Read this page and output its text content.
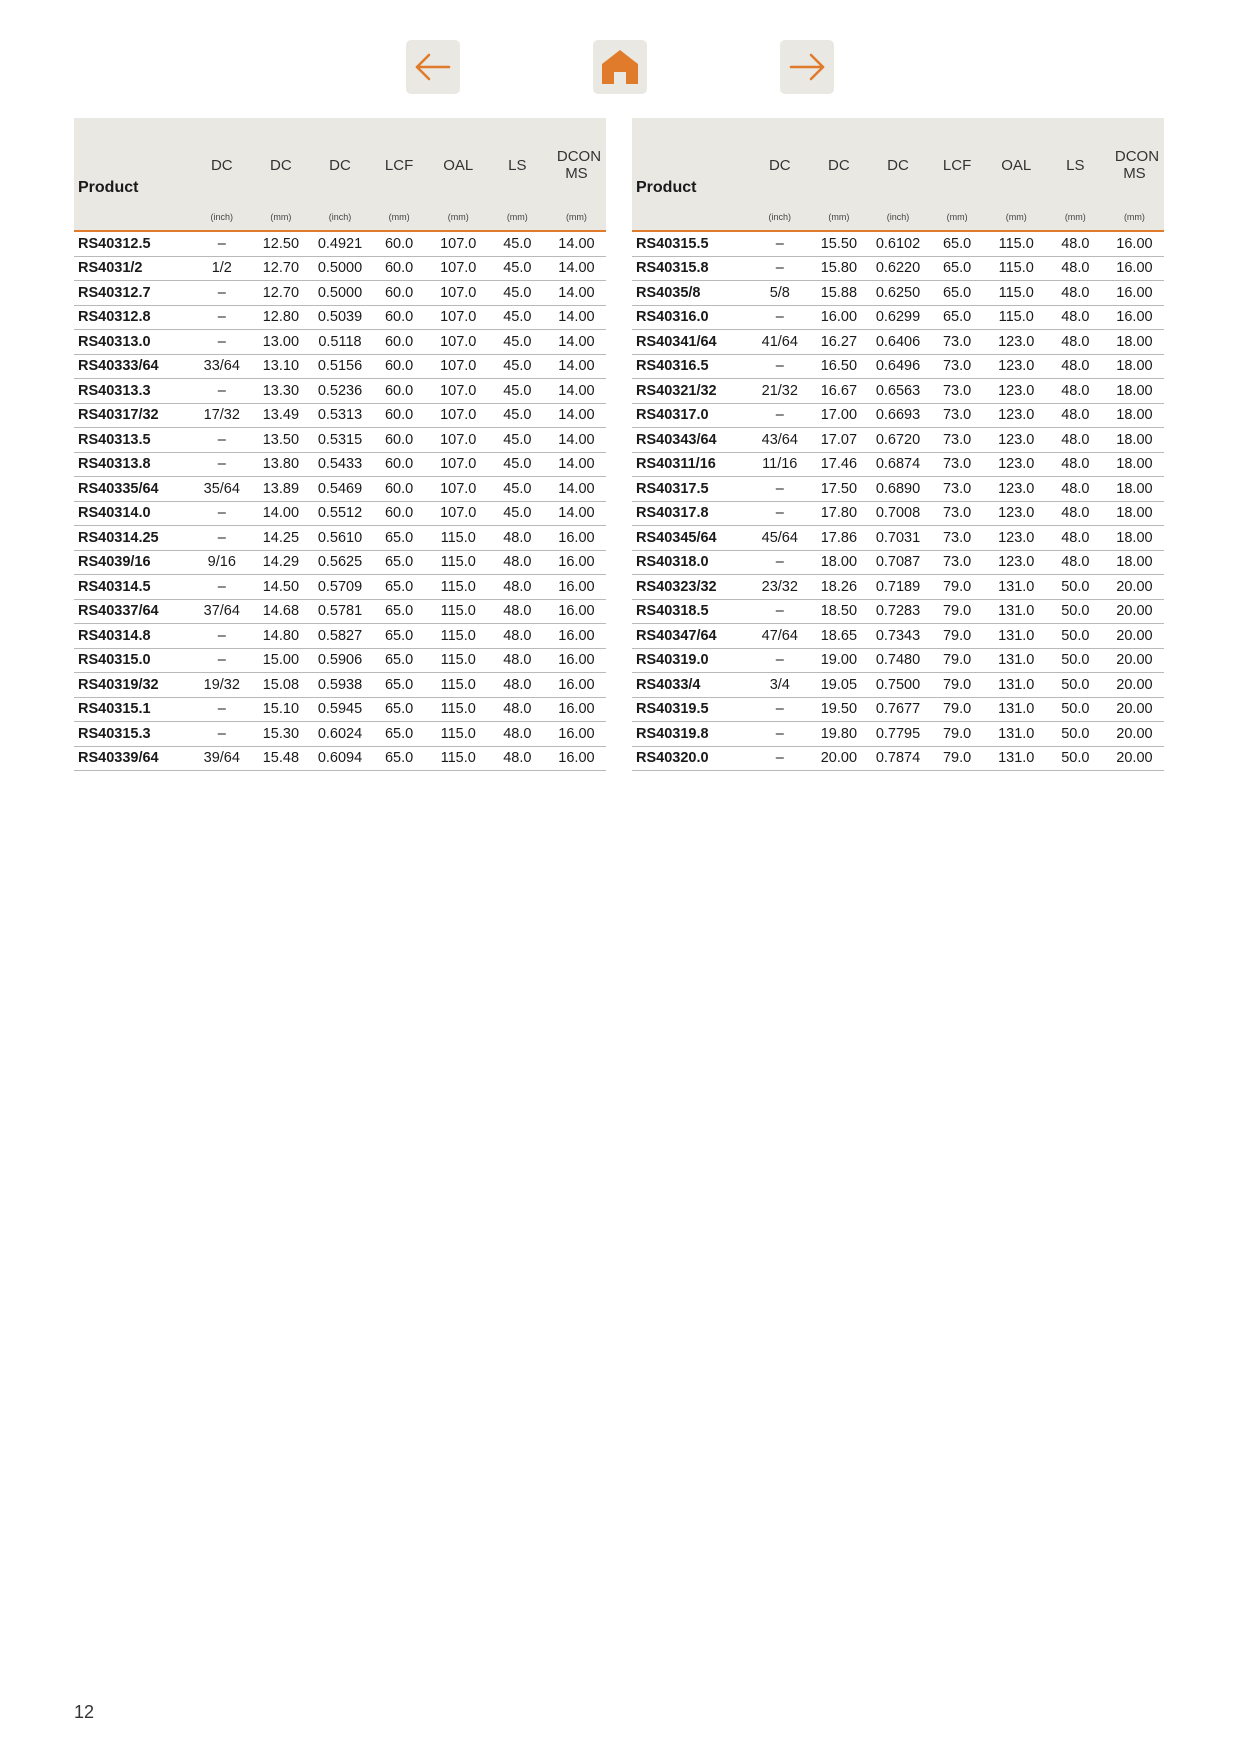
Product	DC	DC	DC	LCF	OAL	LS	DCON MS
	(inch)	(mm)	(inch)	(mm)	(mm)	(mm)	(mm)
RS40312.5	–	12.50	0.4921	60.0	107.0	45.0	14.00
RS4031/2	1/2	12.70	0.5000	60.0	107.0	45.0	14.00
RS40312.7	–	12.70	0.5000	60.0	107.0	45.0	14.00
RS40312.8	–	12.80	0.5039	60.0	107.0	45.0	14.00
RS40313.0	–	13.00	0.5118	60.0	107.0	45.0	14.00
RS40333/64	33/64	13.10	0.5156	60.0	107.0	45.0	14.00
RS40313.3	–	13.30	0.5236	60.0	107.0	45.0	14.00
RS40317/32	17/32	13.49	0.5313	60.0	107.0	45.0	14.00
RS40313.5	–	13.50	0.5315	60.0	107.0	45.0	14.00
RS40313.8	–	13.80	0.5433	60.0	107.0	45.0	14.00
RS40335/64	35/64	13.89	0.5469	60.0	107.0	45.0	14.00
RS40314.0	–	14.00	0.5512	60.0	107.0	45.0	14.00
RS40314.25	–	14.25	0.5610	65.0	115.0	48.0	16.00
RS4039/16	9/16	14.29	0.5625	65.0	115.0	48.0	16.00
RS40314.5	–	14.50	0.5709	65.0	115.0	48.0	16.00
RS40337/64	37/64	14.68	0.5781	65.0	115.0	48.0	16.00
RS40314.8	–	14.80	0.5827	65.0	115.0	48.0	16.00
RS40315.0	–	15.00	0.5906	65.0	115.0	48.0	16.00
RS40319/32	19/32	15.08	0.5938	65.0	115.0	48.0	16.00
RS40315.1	–	15.10	0.5945	65.0	115.0	48.0	16.00
RS40315.3	–	15.30	0.6024	65.0	115.0	48.0	16.00
RS40339/64	39/64	15.48	0.6094	65.0	115.0	48.0	16.00
Product	DC	DC	DC	LCF	OAL	LS	DCON MS
	(inch)	(mm)	(inch)	(mm)	(mm)	(mm)	(mm)
RS40315.5	–	15.50	0.6102	65.0	115.0	48.0	16.00
RS40315.8	–	15.80	0.6220	65.0	115.0	48.0	16.00
RS4035/8	5/8	15.88	0.6250	65.0	115.0	48.0	16.00
RS40316.0	–	16.00	0.6299	65.0	115.0	48.0	16.00
RS40341/64	41/64	16.27	0.6406	73.0	123.0	48.0	18.00
RS40316.5	–	16.50	0.6496	73.0	123.0	48.0	18.00
RS40321/32	21/32	16.67	0.6563	73.0	123.0	48.0	18.00
RS40317.0	–	17.00	0.6693	73.0	123.0	48.0	18.00
RS40343/64	43/64	17.07	0.6720	73.0	123.0	48.0	18.00
RS40311/16	11/16	17.46	0.6874	73.0	123.0	48.0	18.00
RS40317.5	–	17.50	0.6890	73.0	123.0	48.0	18.00
RS40317.8	–	17.80	0.7008	73.0	123.0	48.0	18.00
RS40345/64	45/64	17.86	0.7031	73.0	123.0	48.0	18.00
RS40318.0	–	18.00	0.7087	73.0	123.0	48.0	18.00
RS40323/32	23/32	18.26	0.7189	79.0	131.0	50.0	20.00
RS40318.5	–	18.50	0.7283	79.0	131.0	50.0	20.00
RS40347/64	47/64	18.65	0.7343	79.0	131.0	50.0	20.00
RS40319.0	–	19.00	0.7480	79.0	131.0	50.0	20.00
RS4033/4	3/4	19.05	0.7500	79.0	131.0	50.0	20.00
RS40319.5	–	19.50	0.7677	79.0	131.0	50.0	20.00
RS40319.8	–	19.80	0.7795	79.0	131.0	50.0	20.00
RS40320.0	–	20.00	0.7874	79.0	131.0	50.0	20.00
12
